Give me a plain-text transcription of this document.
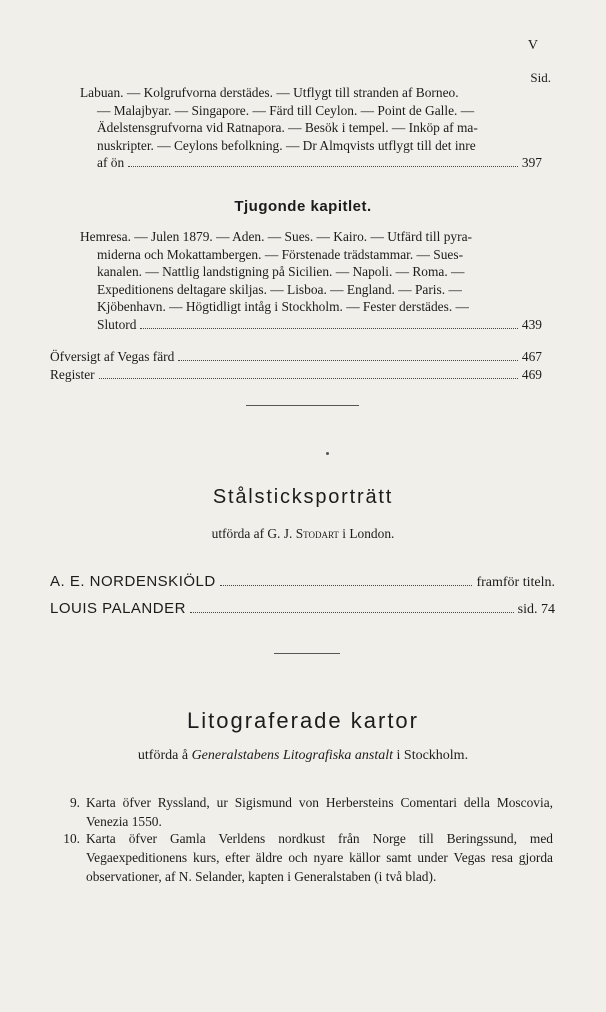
V
Sid.

Labuan. — Kolgrufvorna derstädes. — Utflygt till stranden af Borneo.

— Malajbyar. — Singapore. — Färd till Ceylon. — Point de Galle. —

Ädelstensgrufvorna vid Ratnapora. — Besök i tempel. — Inköp af ma-

nuskripter. — Ceylons befolkning. — Dr Almqvists utflygt till det inre

af ön	397
Tjugonde kapitlet.

Hemresa. — Julen 1879. — Aden. — Sues. — Kairo. — Utfärd till pyra-

miderna och Mokattambergen. — Förstenade trädstammar. — Sues-

kanalen. — Nattlig landstigning på Sicilien. — Napoli. — Roma. —

Expeditionens deltagare skiljas. — Lisboa. — England. — Paris. —

Kjöbenhavn. — Högtidligt intåg i Stockholm. — Fester derstädes. —

Slutord	439
Öfversigt af Vegas färd	467
Register	469
Stålsticksporträtt
utförda af G. J. Stodart i London.
A. E. NORDENSKIÖLD	framför titeln.
LOUIS PALANDER	sid. 74
Litograferade kartor
utförda å Generalstabens Litografiska anstalt i Stockholm.
9. Karta öfver Ryssland, ur Sigismund von Herbersteins Comentari della Moscovia, Venezia 1550.
10. Karta öfver Gamla Verldens nordkust från Norge till Beringssund, med Vegaexpeditionens kurs, efter äldre och nyare källor samt under Vegas resa gjorda observationer, af N. Selander, kapten i Generalstaben (i två blad).
